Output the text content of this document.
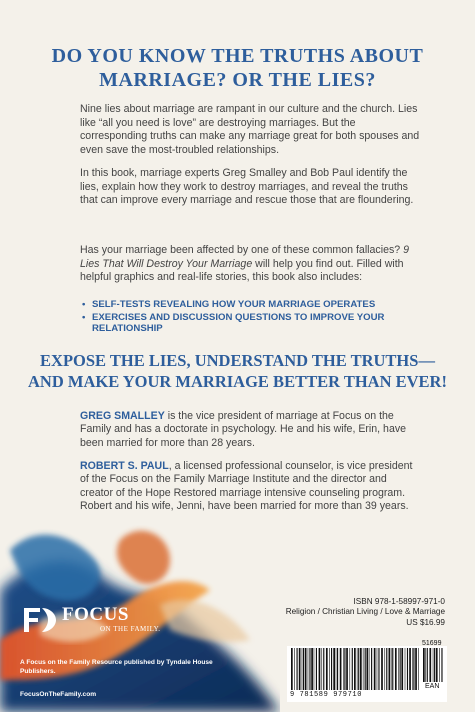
DO YOU KNOW THE TRUTHS ABOUT
MARRIAGE? OR THE LIES?
Nine lies about marriage are rampant in our culture and the church. Lies like “all you need is love” are destroying marriages. But the corresponding truths can make any marriage great for both spouses and even save the most-troubled relationships.
In this book, marriage experts Greg Smalley and Bob Paul identify the lies, explain how they work to destroy marriages, and reveal the truths that can improve every marriage and rescue those that are floundering.
Has your marriage been affected by one of these common fallacies? 9 Lies That Will Destroy Your Marriage will help you find out. Filled with helpful graphics and real-life stories, this book also includes:
• SELF-TESTS REVEALING HOW YOUR MARRIAGE OPERATES
• EXERCISES AND DISCUSSION QUESTIONS TO IMPROVE YOUR RELATIONSHIP
EXPOSE THE LIES, UNDERSTAND THE TRUTHS—
AND MAKE YOUR MARRIAGE BETTER THAN EVER!
GREG SMALLEY is the vice president of marriage at Focus on the Family and has a doctorate in psychology. He and his wife, Erin, have been married for more than 28 years.
ROBERT S. PAUL, a licensed professional counselor, is vice president of the Focus on the Family Marriage Institute and the director and creator of the Hope Restored marriage intensive counseling program. Robert and his wife, Jenni, have been married for more than 39 years.
FOCUS
ON THE FAMILY.
A Focus on the Family Resource published by Tyndale House Publishers.
FocusOnTheFamily.com
ISBN 978-1-58997-971-0
Religion / Christian Living / Love & Marriage
US $16.99
51699
9 781589 979710
EAN
